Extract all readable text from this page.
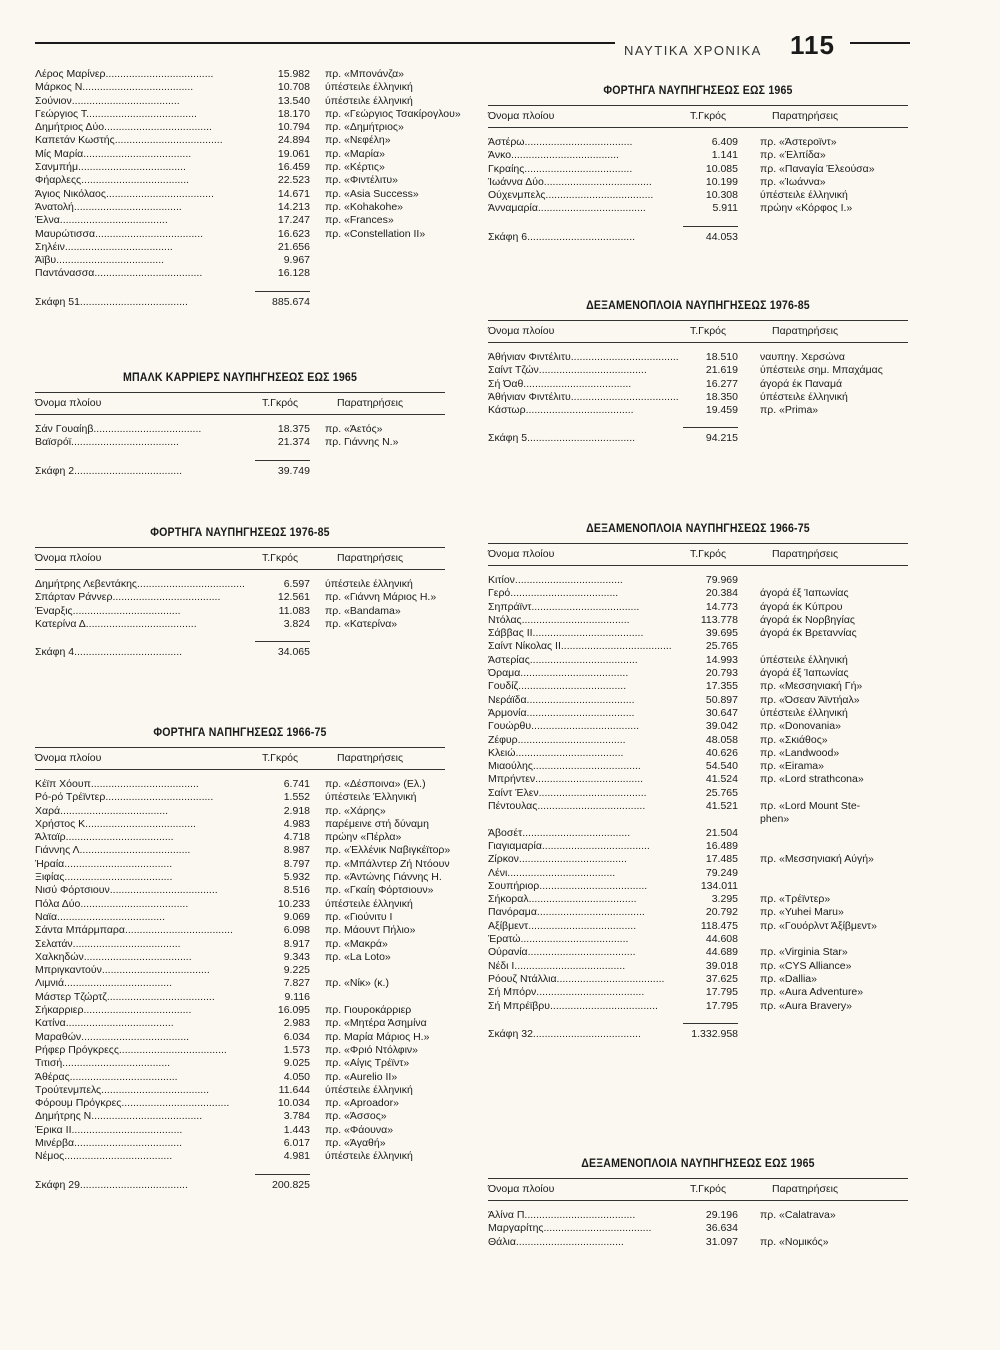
ΝΑΥΤΙΚΑ ΧΡΟΝΙΚΑ 115
Λέρος Μαρίνερ.....................................	15.982 πρ. «Μπονάνζα»
Μάρκος Ν......................................	10.708 ύπέστειλε έλληνική
Σούνιον.....................................	13.540 ύπέστειλε έλληνική
Γεώργιος Τ......................................	18.170 πρ. «Γεώργιος Τσακίρογλου»
Δημήτριος Δύο.....................................	10.794 πρ. «Δημήτριος»
Καπετάν Κωστής.....................................	24.894 πρ. «Νεφέλη»
Μίς Μαρία.....................................	19.061 πρ. «Μαρία»
Σανμπήμ.....................................	16.459 πρ. «Κέρτις»
Φήαρλεςς.....................................	22.523 πρ. «Φιντέλιτυ»
Άγιος Νικόλαος.....................................	14.671 πρ. «Asia Success»
Άνατολή.....................................	14.213 πρ. «Kohakohe»
Έλνα.....................................	17.247 πρ. «Frances»
Μαυρώτισσα.....................................	16.623 πρ. «Constellation II»
Σηλέιν.....................................	21.656
Άϊβυ.....................................	9.967
Παντάνασσα.....................................	16.128
Σκάφη 51.....................................	885.674
ΜΠΑΛΚ ΚΑΡΡΙΕΡΣ ΝΑΥΠΗΓΗΣΕΩΣ ΕΩΣ 1965
Όνομα πλοίου	Τ.Γκρός	Παρατηρήσεις
Σάν Γουαίηβ.....................................	18.375 πρ. «Άετός»
Βαϊσρόϊ.....................................	21.374 πρ. Γιάννης Ν.»
Σκάφη 2.....................................	39.749
ΦΟΡΤΗΓΑ ΝΑΥΠΗΓΗΣΕΩΣ 1976-85
Όνομα πλοίου	Τ.Γκρός	Παρατηρήσεις
Δημήτρης Λεβεντάκης.....................................	6.597 ύπέστειλε έλληνική
Σπάρταν Ράννερ.....................................	12.561 πρ. «Γιάννη Μάριος Η.»
Έναρξις.....................................	11.083 πρ. «Bandama»
Κατερίνα Δ......................................	3.824 πρ. «Κατερίνα»
Σκάφη 4.....................................	34.065
ΦΟΡΤΗΓΑ ΝΑΠΗΓΗΣΕΩΣ 1966-75
Όνομα πλοίου	Τ.Γκρός	Παρατηρήσεις
Κέϊπ Χόουπ.....................................	6.741 πρ. «Δέσποινα» (Ελ.)
Ρό-ρό Τρέϊντερ.....................................	1.552 ύπέστειλε Έλληνική
Χαρά.....................................	2.918 πρ. «Χάρης»
Χρήστος Κ......................................	4.983 παρέμεινε στή δύναμη
Άλταϊρ.....................................	4.718 πρώην «Πέρλα»
Γιάννης Λ......................................	8.987 πρ. «Έλλένικ Ναβιγκέϊτορ»
Ήραία.....................................	8.797 πρ. «Μπάλντερ Ζή Ντόουν
Ξιφίας.....................................	5.932 πρ. «Άντώνης Γιάννης Η.
Νισύ Φόρτσιουν.....................................	8.516 πρ. «Γκαίη Φόρτσιουν»
Πόλα Δύο.....................................	10.233 ύπέστειλε έλληνική
Ναϊα.....................................	9.069 πρ. «Γιούνιτυ Ι
Σάντα Μπάρμπαρα.....................................	6.098 πρ. Μάουντ Πήλιο»
Σελατάν.....................................	8.917 πρ. «Μακρά»
Χαλκηδών.....................................	9.343 πρ. «La Loto»
Μπριγκαντούν.....................................	9.225
Λιμνιά.....................................	7.827 πρ. «Νίκ» (κ.)
Μάστερ Τζώρτζ.....................................	9.116
Σήκαρριερ.....................................	16.095 πρ. Γιουροκάρριερ
Κατίνα.....................................	2.983 πρ. «Μητέρα Άσημίνα
Μαραθών.....................................	6.034 πρ. Μαρία Μάριος Η.»
Ρήφερ Πρόγκρεςς.....................................	1.573 πρ. «Φριό Ντόλφιν»
Τιτισή.....................................	9.025 πρ. «Αίγις Τρέϊντ»
Άθέρας.....................................	4.050 πρ. «Aurelio II»
Τρούτενμπελς.....................................	11.644 ύπέστειλε έλληνική
Φόρουμ Πρόγκρες.....................................	10.034 πρ. «Aproador»
Δημήτρης Ν......................................	3.784 πρ. «Άσσος»
Έρικα ΙΙ......................................	1.443 πρ. «Φάουνα»
Μινέρβα.....................................	6.017 πρ. «Άγαθή»
Νέμος.....................................	4.981 ύπέστειλε έλληνική
Σκάφη 29.....................................	200.825
ΦΟΡΤΗΓΑ ΝΑΥΠΗΓΗΣΕΩΣ ΕΩΣ 1965
Όνομα πλοίου	Τ.Γκρός	Παρατηρήσεις
Άστέρω.....................................	6.409 πρ. «Άστεροϊντ»
Άνκο.....................................	1.141 πρ. «Έλπίδα»
Γκραίης.....................................	10.085 πρ. «Παναγία Έλεούσα»
Ίωάννα Δύο.....................................	10.199 πρ. «Ίωάννα»
Ούχενμπελς.....................................	10.308 ύπέστειλε έλληνική
Άνναμαρία.....................................	5.911 πρώην «Κόρφος Ι.»
Σκάφη 6.....................................	44.053
ΔΕΞΑΜΕΝΟΠΛΟΙΑ ΝΑΥΠΗΓΗΣΕΩΣ 1976-85
Όνομα πλοίου	Τ.Γκρός	Παρατηρήσεις
Άθήνιαν Φιντέλιτυ.....................................	18.510 ναυπηγ. Χερσώνα
Σαίντ Τζών.....................................	21.619 ύπέστειλε σημ. Μπαχάμας
Σή Όαθ.....................................	16.277 άγορά έκ Παναμά
Άθήνιαν Φιντέλιτυ.....................................	18.350 ύπέστειλε έλληνική
Κάστωρ.....................................	19.459 πρ. «Prima»
Σκάφη 5.....................................	94.215
ΔΕΞΑΜΕΝΟΠΛΟΙΑ ΝΑΥΠΗΓΗΣΕΩΣ 1966-75
Όνομα πλοίου	Τ.Γκρός	Παρατηρήσεις
Κιτίον.....................................	79.969
Γερό.....................................	20.384 άγορά έξ Ίαπωνίας
Σηπράϊντ.....................................	14.773 άγορά έκ Κύπρου
Ντόλας.....................................	113.778 άγορά έκ Νορβηγίας
Σάββας ΙΙ......................................	39.695 άγορά έκ Βρετανvίας
Σαίντ Νίκολας ΙΙ......................................	25.765
Άστερίας.....................................	14.993 ύπέστειλε έλληνική
Όραμα.....................................	20.793 άγορά έξ Ίαπωνίας
Γουδίζ.....................................	17.355 πρ. «Μεσσηνιακή Γή»
Νεράϊδα.....................................	50.897 πρ. «Όσεαν Άϊντήαλ»
Άρμονία.....................................	30.647 ύπέστειλε έλληνική
Γουώρθυ.....................................	39.042 πρ. «Donovania»
Ζέφυρ.....................................	48.058 πρ. «Σκιάθος»
Κλειώ.....................................	40.626 πρ. «Landwood»
Μιαούλης.....................................	54.540 πρ. «Eirama»
Μπρήντεν.....................................	41.524 πρ. «Lord strathcona»
Σαίντ Έλεν.....................................	25.765
Πέντουλας.....................................	41.521 πρ. «Lord Mount Ste-
phen»
Άβοσέτ.....................................	21.504
Γιαγιαμαρία.....................................	16.489
Ζίρκον.....................................	17.485 πρ. «Μεσσηνιακή Αύγή»
Λένι.....................................	79.249
Σουπήριορ.....................................	134.011
Σήκοραλ.....................................	3.295 πρ. «Τρέϊντερ»
Πανόραμα.....................................	20.792 πρ. «Yuhei Maru»
Αξίβμεντ.....................................	118.475 πρ. «Γουόρλντ Άξίβμεντ»
Έρατώ.....................................	44.608
Ούρανία.....................................	44.689 πρ. «Virginia Star»
Νέδι Ι......................................	39.018 πρ. «CYS Alliance»
Ρόουζ Ντάλλια.....................................	37.625 πρ. «Dallia»
Σή Μπόρν.....................................	17.795 πρ. «Aura Adventure»
Σή Μπρέϊβρυ.....................................	17.795 πρ. «Aura Bravery»
Σκάφη 32.....................................	1.332.958
ΔΕΞΑΜΕΝΟΠΛΟΙΑ ΝΑΥΠΗΓΗΣΕΩΣ ΕΩΣ 1965
Όνομα πλοίου	Τ.Γκρός	Παρατηρήσεις
Άλίνα Π......................................	29.196 πρ. «Calatrava»
Μαργαρίτης.....................................	36.634
Θάλια.....................................	31.097 πρ. «Νομικός»
